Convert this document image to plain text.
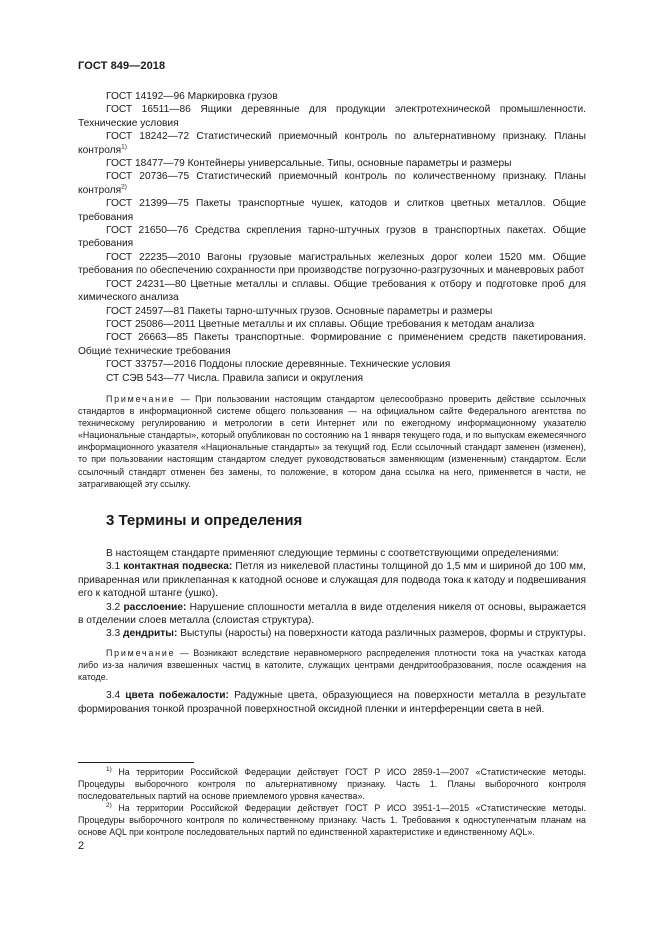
ГОСТ 849—2018

ГОСТ 14192—96 Маркировка грузов

ГОСТ 16511—86 Ящики деревянные для продукции электротехнической промышленности. Технические условия

ГОСТ 18242—72 Статистический приемочный контроль по альтернативному признаку. Планы контроля$^{1)}$

ГОСТ 18477—79 Контейнеры универсальные. Типы, основные параметры и размеры

ГОСТ 20736—75 Статистический приемочный контроль по количественному признаку. Планы контроля$^{2)}$

ГОСТ 21399—75 Пакеты транспортные чушек, катодов и слитков цветных металлов. Общие требования

ГОСТ 21650—76 Средства скрепления тарно-штучных грузов в транспортных пакетах. Общие требования

ГОСТ 22235—2010 Вагоны грузовые магистральных железных дорог колеи 1520 мм. Общие требования по обеспечению сохранности при производстве погрузочно-разгрузочных и маневровых работ

ГОСТ 24231—80 Цветные металлы и сплавы. Общие требования к отбору и подготовке проб для химического анализа

ГОСТ 24597—81 Пакеты тарно-штучных грузов. Основные параметры и размеры

ГОСТ 25086—2011 Цветные металлы и их сплавы. Общие требования к методам анализа

ГОСТ 26663—85 Пакеты транспортные. Формирование с применением средств пакетирования. Общие технические требования

ГОСТ 33757—2016 Поддоны плоские деревянные. Технические условия

СТ СЭВ 543—77 Числа. Правила записи и округления

Примечание — При пользовании настоящим стандартом целесообразно проверить действие ссылочных стандартов в информационной системе общего пользования — на официальном сайте Федерального агентства по техническому регулированию и метрологии в сети Интернет или по ежегодному информационному указателю «Национальные стандарты», который опубликован по состоянию на 1 января текущего года, и по выпускам ежемесячного информационного указателя «Национальные стандарты» за текущий год. Если ссылочный стандарт заменен (изменен), то при пользовании настоящим стандартом следует руководствоваться заменяющим (измененным) стандартом. Если ссылочный стандарт отменен без замены, то положение, в котором дана ссылка на него, применяется в части, не затрагивающей эту ссылку.

3 Термины и определения

В настоящем стандарте применяют следующие термины с соответствующими определениями:

3.1 контактная подвеска: Петля из никелевой пластины толщиной до 1,5 мм и шириной до 100 мм, приваренная или приклепанная к катодной основе и служащая для подвода тока к катоду и подвешивания его к катодной штанге (ушко).

3.2 расслоение: Нарушение сплошности металла в виде отделения никеля от основы, выражается в отделении слоев металла (слоистая структура).

3.3 дендриты: Выступы (наросты) на поверхности катода различных размеров, формы и структуры.

Примечание — Возникают вследствие неравномерного распределения плотности тока на участках катода либо из-за наличия взвешенных частиц в католите, служащих центрами дендритообразования, после осаждения на катоде.

3.4 цвета побежалости: Радужные цвета, образующиеся на поверхности металла в результате формирования тонкой прозрачной поверхностной оксидной пленки и интерференции света в ней.

$^{1)}$ На территории Российской Федерации действует ГОСТ Р ИСО 2859-1—2007 «Статистические методы. Процедуры выборочного контроля по альтернативному признаку. Часть 1. Планы выборочного контроля последовательных партий на основе приемлемого уровня качества».

$^{2)}$ На территории Российской Федерации действует ГОСТ Р ИСО 3951-1—2015 «Статистические методы. Процедуры выборочного контроля по количественному признаку. Часть 1. Требования к одноступенчатым планам на основе AQL при контроле последовательных партий по единственной характеристике и единственному AQL».

2
